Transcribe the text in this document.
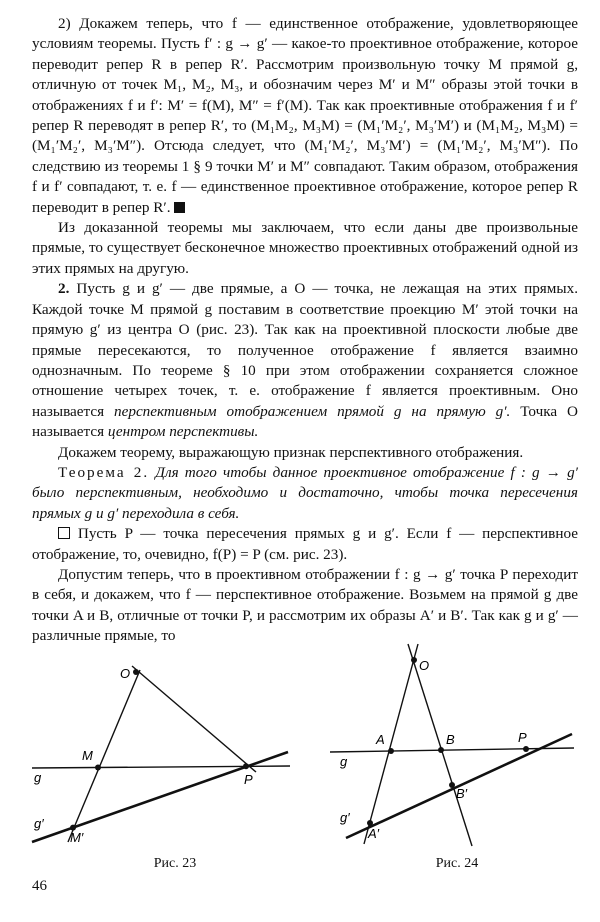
2) Докажем теперь, что f — единственное отображение, удовлетворяющее условиям теоремы. Пусть f′ : g → g′ — какое-то проективное отображение, которое переводит репер R в репер R′. Рассмотрим произвольную точку M прямой g, отличную от точек M₁, M₂, M₃, и обозначим через M′ и M″ образы этой точки в отображениях f и f′: M′ = f(M), M″ = f′(M). Так как проективные отображения f и f′ репер R переводят в репер R′, то (M₁M₂, M₃M) = (M₁′M₂′, M₃′M′) и (M₁M₂, M₃M) = (M₁′M₂′, M₃′M″). Отсюда следует, что (M₁′M₂′, M₃′M′) = (M₁′M₂′, M₃′M″). По следствию из теоремы 1 § 9 точки M′ и M″ совпадают. Таким образом, отображения f и f′ совпадают, т. е. f — единственное проективное отображение, которое репер R переводит в репер R′.

Из доказанной теоремы мы заключаем, что если даны две произвольные прямые, то существует бесконечное множество проективных отображений одной из этих прямых на другую.

2. Пусть g и g′ — две прямые, а O — точка, не лежащая на этих прямых. Каждой точке M прямой g поставим в соответствие проекцию M′ этой точки на прямую g′ из центра O (рис. 23). Так как на проективной плоскости любые две прямые пересекаются, то полученное отображение f является взаимно однозначным. По теореме § 10 при этом отображении сохраняется сложное отношение четырех точек, т. е. отображение f является проективным. Оно называется перспективным отображением прямой g на прямую g′. Точка O называется центром перспективы.

Докажем теорему, выражающую признак перспективного отображения.

Теорема 2. Для того чтобы данное проективное отображение f : g → g′ было перспективным, необходимо и достаточно, чтобы точка пересечения прямых g и g′ переходила в себя.

Пусть P — точка пересечения прямых g и g′. Если f — перспективное отображение, то, очевидно, f(P) = P (см. рис. 23).

Допустим теперь, что в проективном отображении f : g → g′ точка P переходит в себя, и докажем, что f — перспективное отображение. Возьмем на прямой g две точки A и B, отличные от точки P, и рассмотрим их образы A′ и B′. Так как g и g′ — различные прямые, то

O
M
P
g
g′
M′
Рис. 23
O
A	B	P
g
g′
B′
A′
Рис. 24
46
